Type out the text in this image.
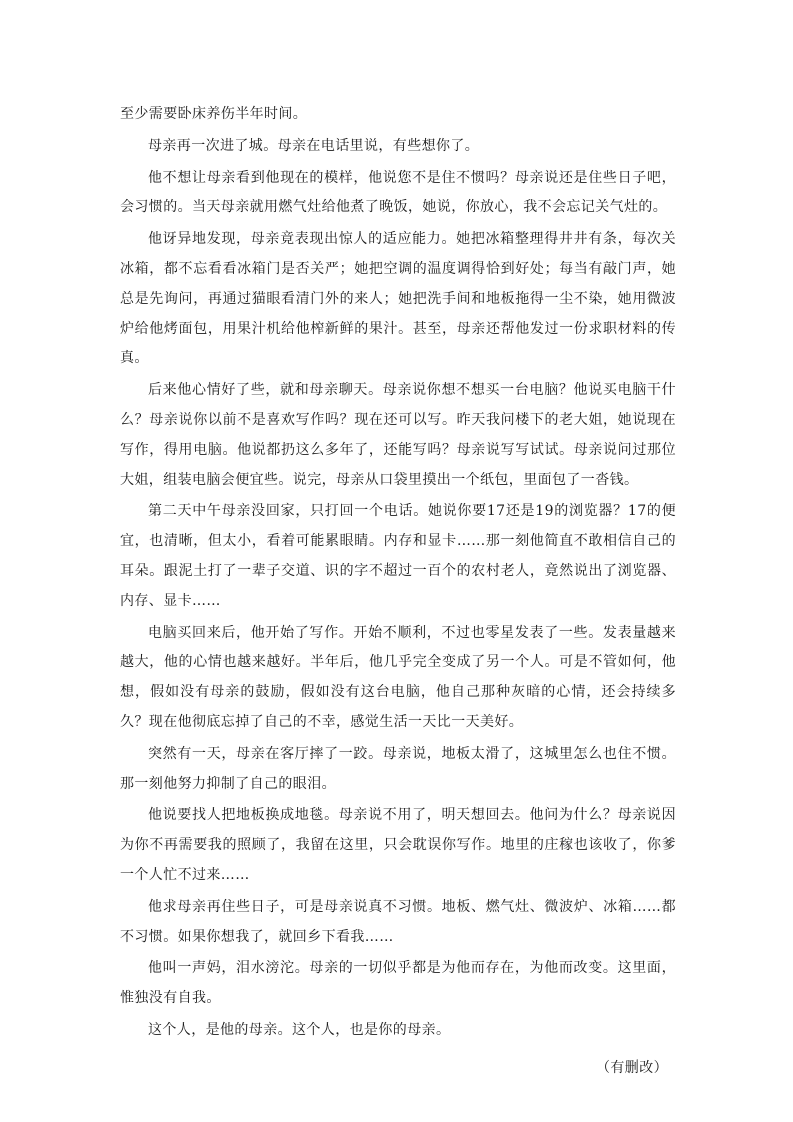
至少需要卧床养伤半年时间。

母亲再一次进了城。母亲在电话里说，有些想你了。

他不想让母亲看到他现在的模样，他说您不是住不惯吗？母亲说还是住些日子吧，会习惯的。当天母亲就用燃气灶给他煮了晚饭，她说，你放心，我不会忘记关气灶的。

他讶异地发现，母亲竟表现出惊人的适应能力。她把冰箱整理得井井有条，每次关冰箱，都不忘看看冰箱门是否关严；她把空调的温度调得恰到好处；每当有敲门声，她总是先询问，再通过猫眼看清门外的来人；她把洗手间和地板拖得一尘不染，她用微波炉给他烤面包，用果汁机给他榨新鲜的果汁。甚至，母亲还帮他发过一份求职材料的传真。

后来他心情好了些，就和母亲聊天。母亲说你想不想买一台电脑？他说买电脑干什么？母亲说你以前不是喜欢写作吗？现在还可以写。昨天我问楼下的老大姐，她说现在写作，得用电脑。他说都扔这么多年了，还能写吗？母亲说写写试试。母亲说问过那位大姐，组装电脑会便宜些。说完，母亲从口袋里摸出一个纸包，里面包了一沓钱。

第二天中午母亲没回家，只打回一个电话。她说你要17还是19的浏览器？17的便宜，也清晰，但太小，看着可能累眼睛。内存和显卡……那一刻他简直不敢相信自己的耳朵。跟泥土打了一辈子交道、识的字不超过一百个的农村老人，竟然说出了浏览器、内存、显卡……

电脑买回来后，他开始了写作。开始不顺利，不过也零星发表了一些。发表量越来越大，他的心情也越来越好。半年后，他几乎完全变成了另一个人。可是不管如何，他想，假如没有母亲的鼓励，假如没有这台电脑，他自己那种灰暗的心情，还会持续多久？现在他彻底忘掉了自己的不幸，感觉生活一天比一天美好。

突然有一天，母亲在客厅摔了一跤。母亲说，地板太滑了，这城里怎么也住不惯。那一刻他努力抑制了自己的眼泪。

他说要找人把地板换成地毯。母亲说不用了，明天想回去。他问为什么？母亲说因为你不再需要我的照顾了，我留在这里，只会耽误你写作。地里的庄稼也该收了，你爹一个人忙不过来……

他求母亲再住些日子，可是母亲说真不习惯。地板、燃气灶、微波炉、冰箱……都不习惯。如果你想我了，就回乡下看我……

他叫一声妈，泪水滂沱。母亲的一切似乎都是为他而存在，为他而改变。这里面，惟独没有自我。

这个人，是他的母亲。这个人，也是你的母亲。

（有删改）
